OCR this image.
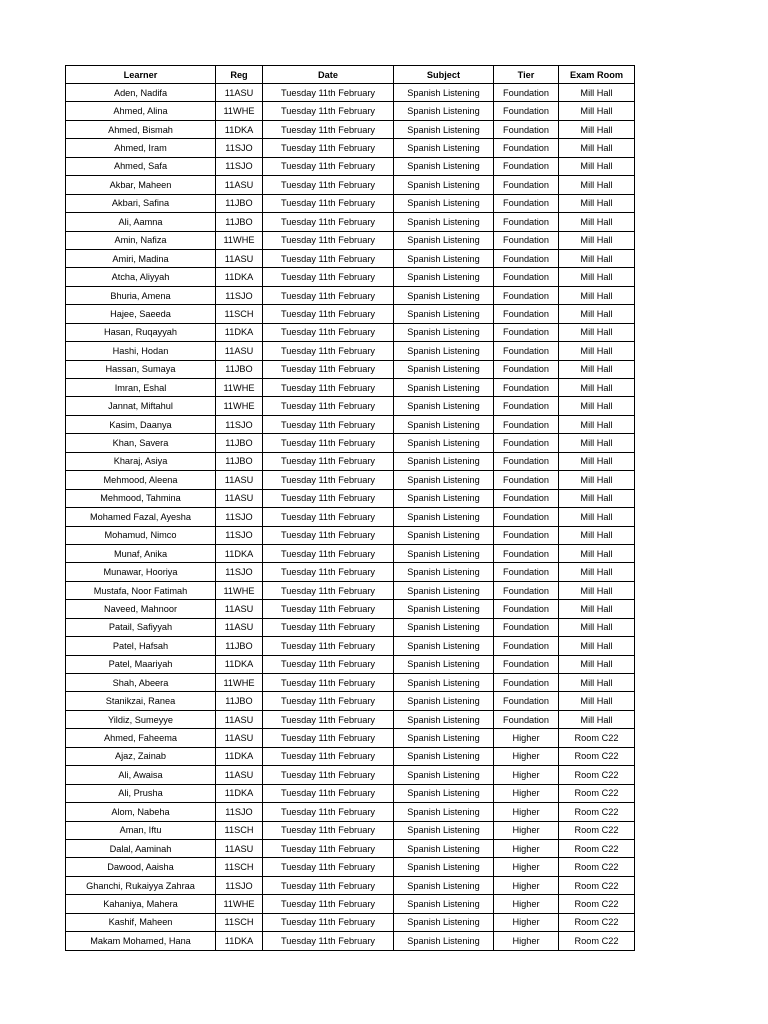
Learner	Reg	Date	Subject	Tier	Exam Room
Aden, Nadifa	11ASU	Tuesday 11th February	Spanish Listening	Foundation	Mill Hall
Ahmed, Alina	11WHE	Tuesday 11th February	Spanish Listening	Foundation	Mill Hall
Ahmed, Bismah	11DKA	Tuesday 11th February	Spanish Listening	Foundation	Mill Hall
Ahmed, Iram	11SJO	Tuesday 11th February	Spanish Listening	Foundation	Mill Hall
Ahmed, Safa	11SJO	Tuesday 11th February	Spanish Listening	Foundation	Mill Hall
Akbar, Maheen	11ASU	Tuesday 11th February	Spanish Listening	Foundation	Mill Hall
Akbari, Safina	11JBO	Tuesday 11th February	Spanish Listening	Foundation	Mill Hall
Ali, Aamna	11JBO	Tuesday 11th February	Spanish Listening	Foundation	Mill Hall
Amin, Nafiza	11WHE	Tuesday 11th February	Spanish Listening	Foundation	Mill Hall
Amiri, Madina	11ASU	Tuesday 11th February	Spanish Listening	Foundation	Mill Hall
Atcha, Aliyyah	11DKA	Tuesday 11th February	Spanish Listening	Foundation	Mill Hall
Bhuria, Amena	11SJO	Tuesday 11th February	Spanish Listening	Foundation	Mill Hall
Hajee, Saeeda	11SCH	Tuesday 11th February	Spanish Listening	Foundation	Mill Hall
Hasan, Ruqayyah	11DKA	Tuesday 11th February	Spanish Listening	Foundation	Mill Hall
Hashi, Hodan	11ASU	Tuesday 11th February	Spanish Listening	Foundation	Mill Hall
Hassan, Sumaya	11JBO	Tuesday 11th February	Spanish Listening	Foundation	Mill Hall
Imran, Eshal	11WHE	Tuesday 11th February	Spanish Listening	Foundation	Mill Hall
Jannat, Miftahul	11WHE	Tuesday 11th February	Spanish Listening	Foundation	Mill Hall
Kasim, Daanya	11SJO	Tuesday 11th February	Spanish Listening	Foundation	Mill Hall
Khan, Savera	11JBO	Tuesday 11th February	Spanish Listening	Foundation	Mill Hall
Kharaj, Asiya	11JBO	Tuesday 11th February	Spanish Listening	Foundation	Mill Hall
Mehmood, Aleena	11ASU	Tuesday 11th February	Spanish Listening	Foundation	Mill Hall
Mehmood, Tahmina	11ASU	Tuesday 11th February	Spanish Listening	Foundation	Mill Hall
Mohamed Fazal, Ayesha	11SJO	Tuesday 11th February	Spanish Listening	Foundation	Mill Hall
Mohamud, Nimco	11SJO	Tuesday 11th February	Spanish Listening	Foundation	Mill Hall
Munaf, Anika	11DKA	Tuesday 11th February	Spanish Listening	Foundation	Mill Hall
Munawar, Hooriya	11SJO	Tuesday 11th February	Spanish Listening	Foundation	Mill Hall
Mustafa, Noor Fatimah	11WHE	Tuesday 11th February	Spanish Listening	Foundation	Mill Hall
Naveed, Mahnoor	11ASU	Tuesday 11th February	Spanish Listening	Foundation	Mill Hall
Patail, Safiyyah	11ASU	Tuesday 11th February	Spanish Listening	Foundation	Mill Hall
Patel, Hafsah	11JBO	Tuesday 11th February	Spanish Listening	Foundation	Mill Hall
Patel, Maariyah	11DKA	Tuesday 11th February	Spanish Listening	Foundation	Mill Hall
Shah, Abeera	11WHE	Tuesday 11th February	Spanish Listening	Foundation	Mill Hall
Stanikzai, Ranea	11JBO	Tuesday 11th February	Spanish Listening	Foundation	Mill Hall
Yildiz, Sumeyye	11ASU	Tuesday 11th February	Spanish Listening	Foundation	Mill Hall
Ahmed, Faheema	11ASU	Tuesday 11th February	Spanish Listening	Higher	Room C22
Ajaz, Zainab	11DKA	Tuesday 11th February	Spanish Listening	Higher	Room C22
Ali, Awaisa	11ASU	Tuesday 11th February	Spanish Listening	Higher	Room C22
Ali, Prusha	11DKA	Tuesday 11th February	Spanish Listening	Higher	Room C22
Alom, Nabeha	11SJO	Tuesday 11th February	Spanish Listening	Higher	Room C22
Aman, Iftu	11SCH	Tuesday 11th February	Spanish Listening	Higher	Room C22
Dalal, Aaminah	11ASU	Tuesday 11th February	Spanish Listening	Higher	Room C22
Dawood, Aaisha	11SCH	Tuesday 11th February	Spanish Listening	Higher	Room C22
Ghanchi, Rukaiyya Zahraa	11SJO	Tuesday 11th February	Spanish Listening	Higher	Room C22
Kahaniya, Mahera	11WHE	Tuesday 11th February	Spanish Listening	Higher	Room C22
Kashif, Maheen	11SCH	Tuesday 11th February	Spanish Listening	Higher	Room C22
Makam Mohamed, Hana	11DKA	Tuesday 11th February	Spanish Listening	Higher	Room C22
